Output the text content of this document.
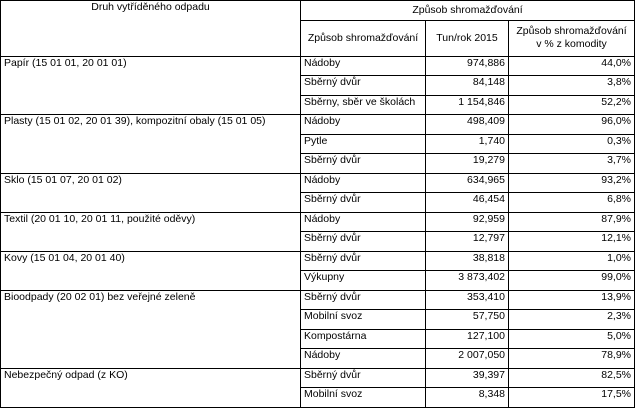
Druh vytříděného odpadu	Způsob shromažďování		
	Způsob shromažďování	Tun/rok 2015	Způsob shromažďování
v % z komodity
Papír (15 01 01, 20 01 01)	Nádoby	974,886	44,0%
	Sběrný dvůr	84,148	3,8%
	Sběrny, sběr ve školách	1 154,846	52,2%
Plasty (15 01 02, 20 01 39), kompozitní obaly (15 01 05)	Nádoby	498,409	96,0%
	Pytle	1,740	0,3%
	Sběrný dvůr	19,279	3,7%
Sklo (15 01 07, 20 01 02)	Nádoby	634,965	93,2%
	Sběrný dvůr	46,454	6,8%
Textil (20 01 10, 20 01 11, použité oděvy)	Nádoby	92,959	87,9%
	Sběrný dvůr	12,797	12,1%
Kovy (15 01 04, 20 01 40)	Sběrný dvůr	38,818	1,0%
	Výkupny	3 873,402	99,0%
Bioodpady (20 02 01) bez veřejné zeleně	Sběrný dvůr	353,410	13,9%
	Mobilní svoz	57,750	2,3%
	Kompostárna	127,100	5,0%
	Nádoby	2 007,050	78,9%
Nebezpečný odpad (z KO)	Sběrný dvůr	39,397	82,5%
	Mobilní svoz	8,348	17,5%
